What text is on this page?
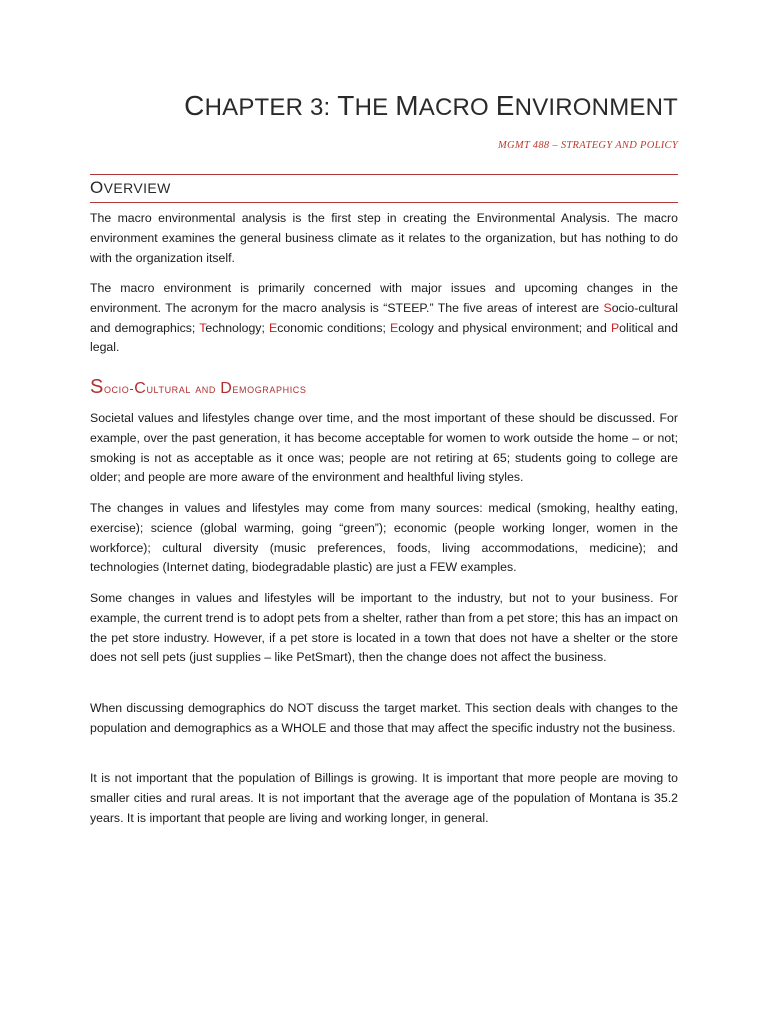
CHAPTER 3: THE MACRO ENVIRONMENT
MGMT 488 – STRATEGY AND POLICY
OVERVIEW
The macro environmental analysis is the first step in creating the Environmental Analysis. The macro environment examines the general business climate as it relates to the organization, but has nothing to do with the organization itself.
The macro environment is primarily concerned with major issues and upcoming changes in the environment. The acronym for the macro analysis is “STEEP.” The five areas of interest are Socio-cultural and demographics; Technology; Economic conditions; Ecology and physical environment; and Political and legal.
Socio-Cultural and Demographics
Societal values and lifestyles change over time, and the most important of these should be discussed. For example, over the past generation, it has become acceptable for women to work outside the home – or not; smoking is not as acceptable as it once was; people are not retiring at 65; students going to college are older; and people are more aware of the environment and healthful living styles.
The changes in values and lifestyles may come from many sources: medical (smoking, healthy eating, exercise); science (global warming, going “green”); economic (people working longer, women in the workforce); cultural diversity (music preferences, foods, living accommodations, medicine); and technologies (Internet dating, biodegradable plastic) are just a FEW examples.
Some changes in values and lifestyles will be important to the industry, but not to your business. For example, the current trend is to adopt pets from a shelter, rather than from a pet store; this has an impact on the pet store industry. However, if a pet store is located in a town that does not have a shelter or the store does not sell pets (just supplies – like PetSmart), then the change does not affect the business.
When discussing demographics do NOT discuss the target market. This section deals with changes to the population and demographics as a WHOLE and those that may affect the specific industry not the business.
It is not important that the population of Billings is growing. It is important that more people are moving to smaller cities and rural areas. It is not important that the average age of the population of Montana is 35.2 years. It is important that people are living and working longer, in general.
